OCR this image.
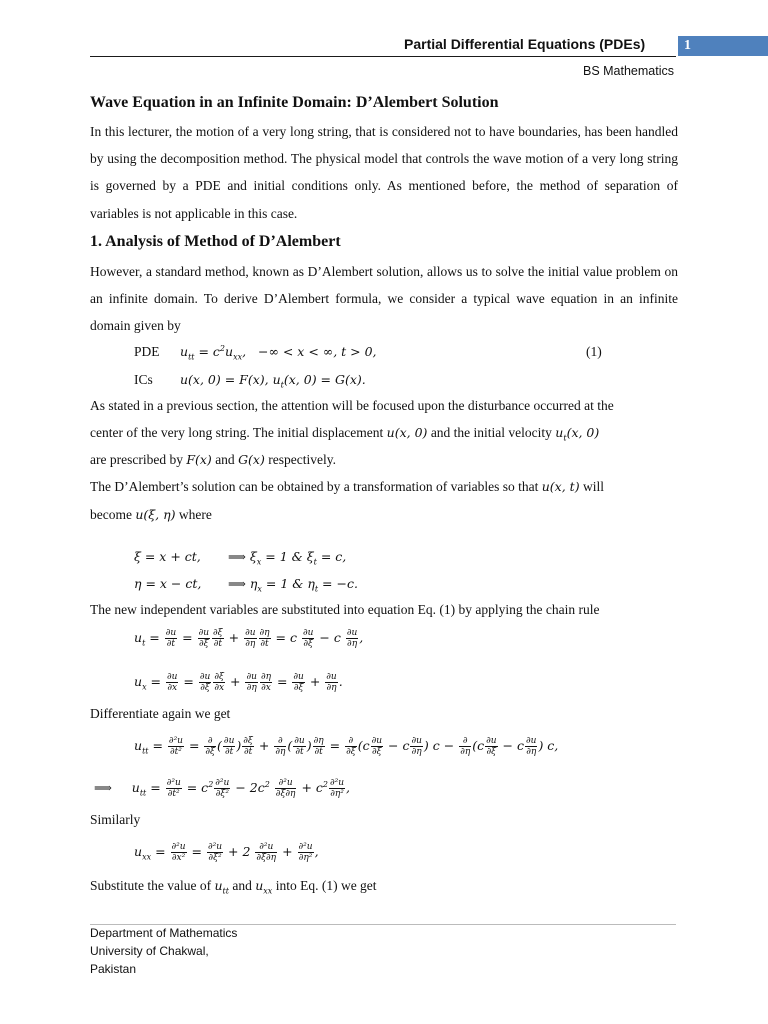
Partial Differential Equations (PDEs)	1
BS Mathematics
Wave Equation in an Infinite Domain: D’Alembert Solution
In this lecturer, the motion of a very long string, that is considered not to have boundaries, has been handled by using the decomposition method. The physical model that controls the wave motion of a very long string is governed by a PDE and initial conditions only. As mentioned before, the method of separation of variables is not applicable in this case.
1. Analysis of Method of D’Alembert
However, a standard method, known as D’Alembert solution, allows us to solve the initial value problem on an infinite domain. To derive D’Alembert formula, we consider a typical wave equation in an infinite domain given by
PDE $u_{tt} = c^2u_{xx}$,   −∞ < x < ∞, t > 0,	(1)
ICs u(x, 0) = F(x), $u_t(x$, 0) = G(x).
As stated in a previous section, the attention will be focused upon the disturbance occurred at the
center of the very long string. The initial displacement u(x, 0) and the initial velocity $u_t(x$, 0)
are prescribed by F(x) and G(x) respectively.
The D’Alembert’s solution can be obtained by a transformation of variables so that u(x, t) will
become u(ξ, η) where
ξ = x + ct, ⟹ $\xi_x = 1$ & $\xi_t = c$,
η = x − ct, ⟹ $\eta_x = 1$ & $\eta_t = -c$.
The new independent variables are substituted into equation Eq. (1) by applying the chain rule
$u_t = \frac{\partial u}{\partial t} = \frac{\partial u}{\partial\xi} \frac{\partial\xi}{\partial t} + \frac{\partial u}{\partial\eta} \frac{\partial\eta}{\partial t} = c \frac{\partial u}{\partial\xi} - c \frac{\partial u}{\partial\eta}$ ,
$u_x = \frac{\partial u}{\partial x} = \frac{\partial u}{\partial\xi} \frac{\partial\xi}{\partial x} + \frac{\partial u}{\partial\eta} \frac{\partial\eta}{\partial x} = \frac{\partial u}{\partial\xi} + \frac{\partial u}{\partial\eta}$ .
Differentiate again we get
$u_{tt} = \frac{\text{∂²u}}{\text{∂t²}} = \frac{\partial}{\partial\xi}$ ( $\frac{\partial u}{\partial t}$ ) $\frac{\partial\xi}{\partial t} + \frac{\partial}{\partial\eta}$ ( $\frac{\partial u}{\partial t}$ ) $\frac{\partial\eta}{\partial t} = \frac{\partial}{\partial\xi} (c \frac{\partial u}{\partial\xi} - c \frac{\partial u}{\partial\eta}$ ) $c - \frac{\partial}{\partial\eta} (c \frac{\partial u}{\partial\xi} - c \frac{\partial u}{\partial\eta}$ ) c,
⟹     $u_{tt} = \frac{\text{∂²u}}{\text{∂t²}} = c^2 \frac{\text{∂²u}}{\text{∂ξ²}} - 2c^2 \frac{\text{∂²u}}{\partial\xi\partial\eta} + c^2 \frac{\text{∂²u}}{\text{∂η²}}$ ,
Similarly
$u_{xx} = \frac{\text{∂²u}}{\text{∂x²}} = \frac{\text{∂²u}}{\text{∂ξ²}} + 2 \frac{\text{∂²u}}{\partial\xi\partial\eta} + \frac{\text{∂²u}}{\text{∂η²}}$ ,
Substitute the value of $u_{tt}$ and $u_{xx}$ into Eq. (1) we get
Department of Mathematics
University of Chakwal,
Pakistan
